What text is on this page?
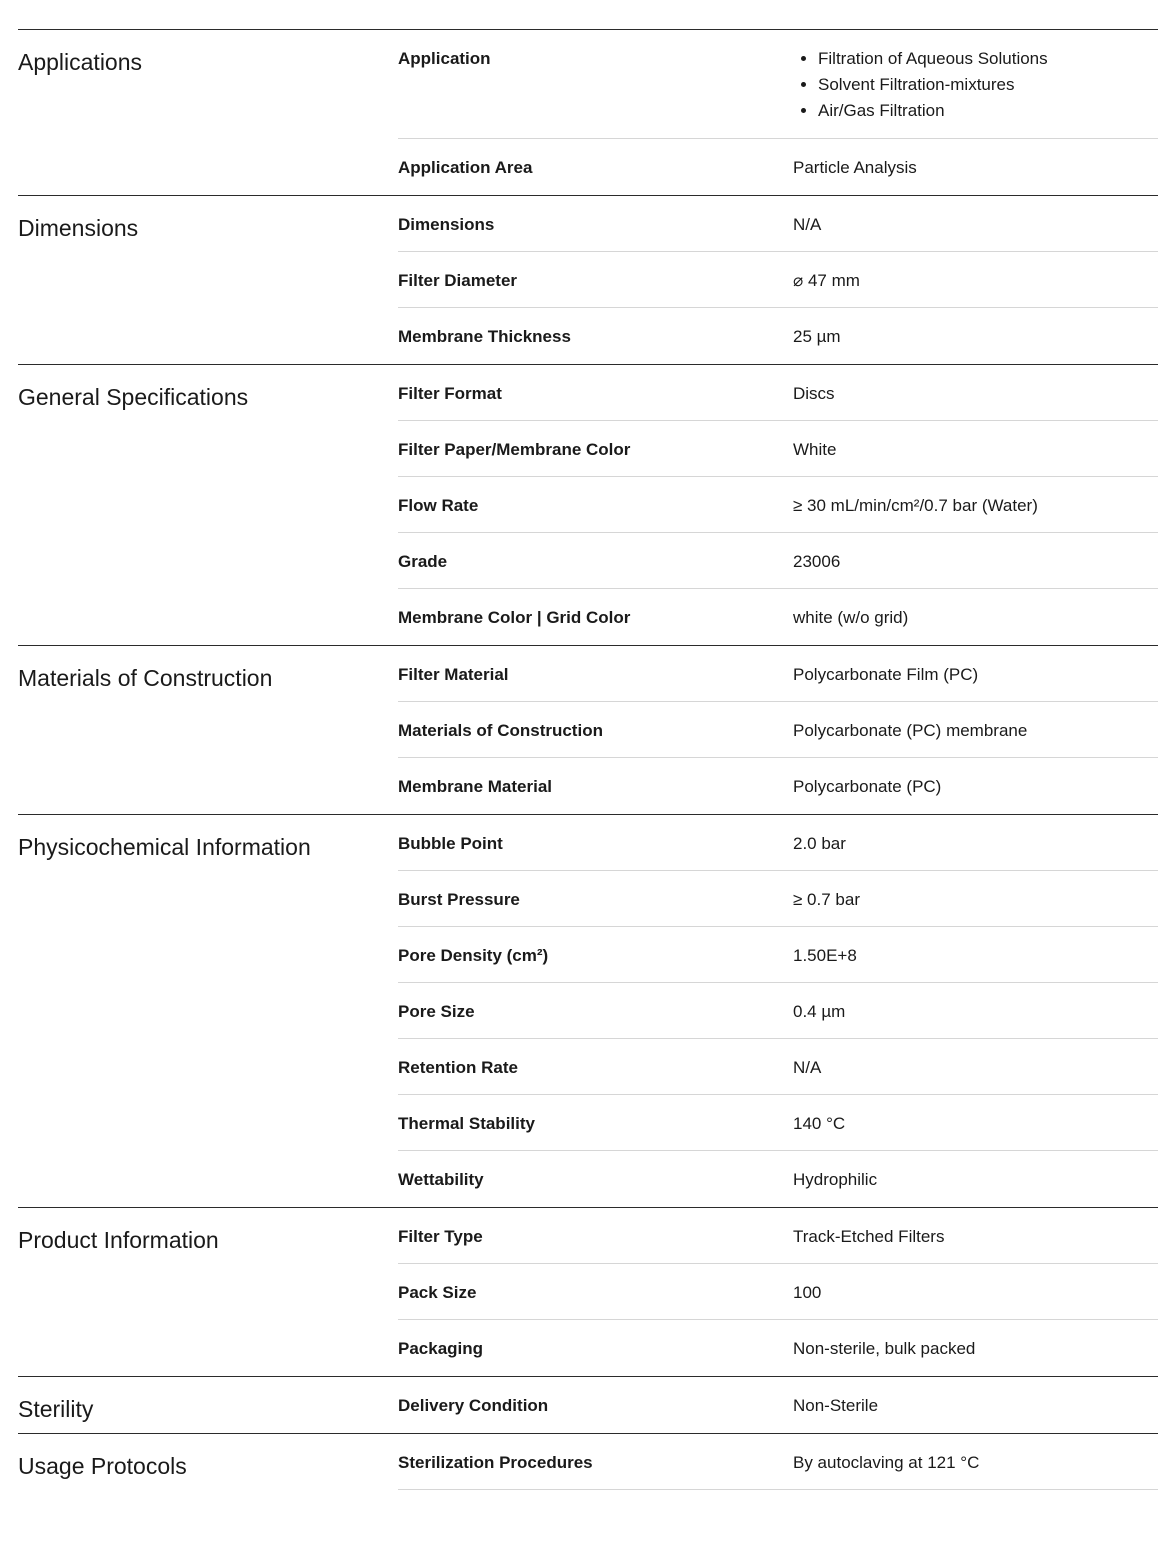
Applications	Application
•	Filtration of Aqueous Solutions
• Solvent Filtration-mixtures
• Air/Gas Filtration
Application Area	Particle Analysis
Dimensions	Dimensions	N/A
Filter Diameter	⌀ 47 mm
Membrane Thickness	25 µm
General Specifications	Filter Format	Discs
Filter Paper/Membrane Color	White
Flow Rate	≥ 30 mL/min/cm²/0.7 bar (Water)
Grade	23006
Membrane Color | Grid Color	white (w/o grid)
Materials of Construction	Filter Material	Polycarbonate Film (PC)
Materials of Construction	Polycarbonate (PC) membrane
Membrane Material	Polycarbonate (PC)
Physicochemical Information	Bubble Point	2.0 bar
Burst Pressure	≥ 0.7 bar
Pore Density (cm²)	1.50E+8
Pore Size	0.4 µm
Retention Rate	N/A
Thermal Stability	140 °C
Wettability	Hydrophilic
Product Information	Filter Type	Track-Etched Filters
Pack Size	100
Packaging	Non-sterile, bulk packed
Sterility	Delivery Condition	Non-Sterile
Usage Protocols	Sterilization Procedures	By autoclaving at 121 °C
